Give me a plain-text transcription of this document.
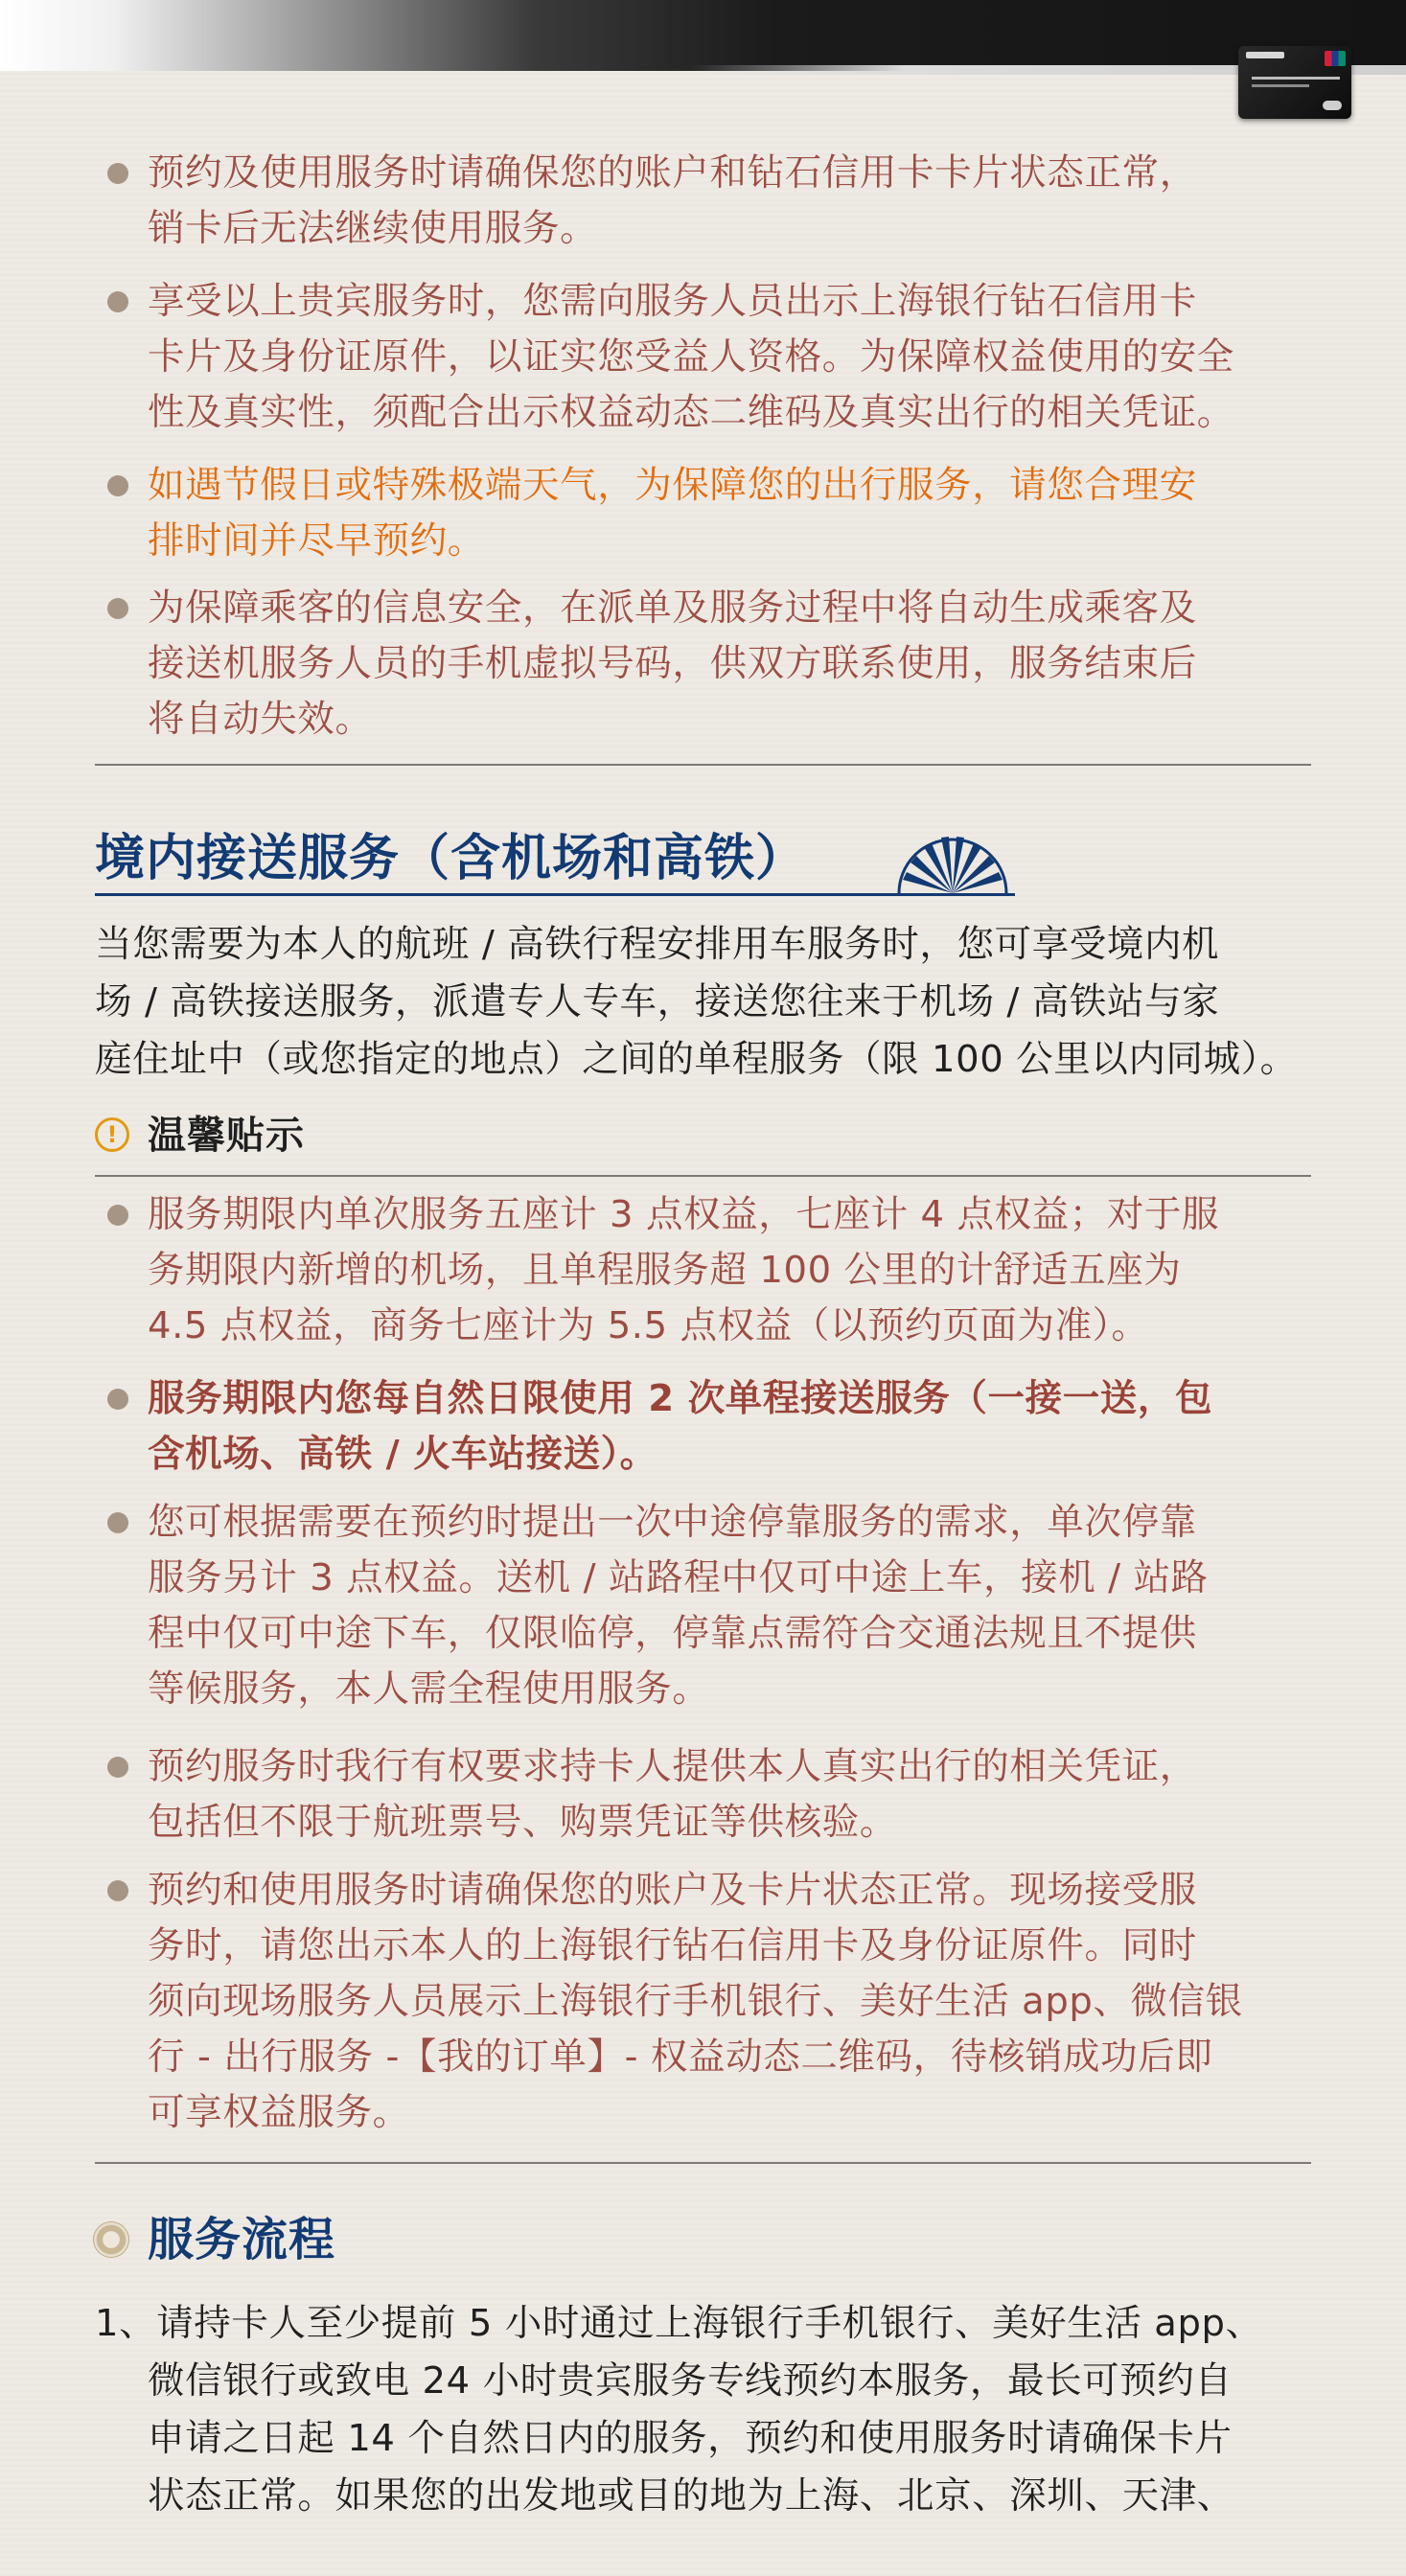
预约及使用服务时请确保您的账户和钻石信用卡卡片状态正常，
销卡后无法继续使用服务。
享受以上贵宾服务时，您需向服务人员出示上海银行钻石信用卡
卡片及身份证原件，以证实您受益人资格。为保障权益使用的安全
性及真实性，须配合出示权益动态二维码及真实出行的相关凭证。
如遇节假日或特殊极端天气，为保障您的出行服务，请您合理安
排时间并尽早预约。
为保障乘客的信息安全，在派单及服务过程中将自动生成乘客及
接送机服务人员的手机虚拟号码，供双方联系使用，服务结束后
将自动失效。
境内接送服务（含机场和高铁）
当您需要为本人的航班 / 高铁行程安排用车服务时，您可享受境内机
场 / 高铁接送服务，派遣专人专车，接送您往来于机场 / 高铁站与家
庭住址中（或您指定的地点）之间的单程服务（限 100 公里以内同城）。
! 温馨贴示
服务期限内单次服务五座计 3 点权益，七座计 4 点权益；对于服
务期限内新增的机场，且单程服务超 100 公里的计舒适五座为
4.5 点权益，商务七座计为 5.5 点权益（以预约页面为准）。
服务期限内您每自然日限使用 2 次单程接送服务（一接一送，包
含机场、高铁 / 火车站接送）。
您可根据需要在预约时提出一次中途停靠服务的需求，单次停靠
服务另计 3 点权益。送机 / 站路程中仅可中途上车，接机 / 站路
程中仅可中途下车，仅限临停，停靠点需符合交通法规且不提供
等候服务，本人需全程使用服务。
预约服务时我行有权要求持卡人提供本人真实出行的相关凭证，
包括但不限于航班票号、购票凭证等供核验。
预约和使用服务时请确保您的账户及卡片状态正常。现场接受服
务时，请您出示本人的上海银行钻石信用卡及身份证原件。同时
须向现场服务人员展示上海银行手机银行、美好生活 app、微信银
行 - 出行服务 -【我的订单】- 权益动态二维码，待核销成功后即
可享权益服务。
服务流程
1、请持卡人至少提前 5 小时通过上海银行手机银行、美好生活 app、
微信银行或致电 24 小时贵宾服务专线预约本服务，最长可预约自
申请之日起 14 个自然日内的服务，预约和使用服务时请确保卡片
状态正常。如果您的出发地或目的地为上海、北京、深圳、天津、
